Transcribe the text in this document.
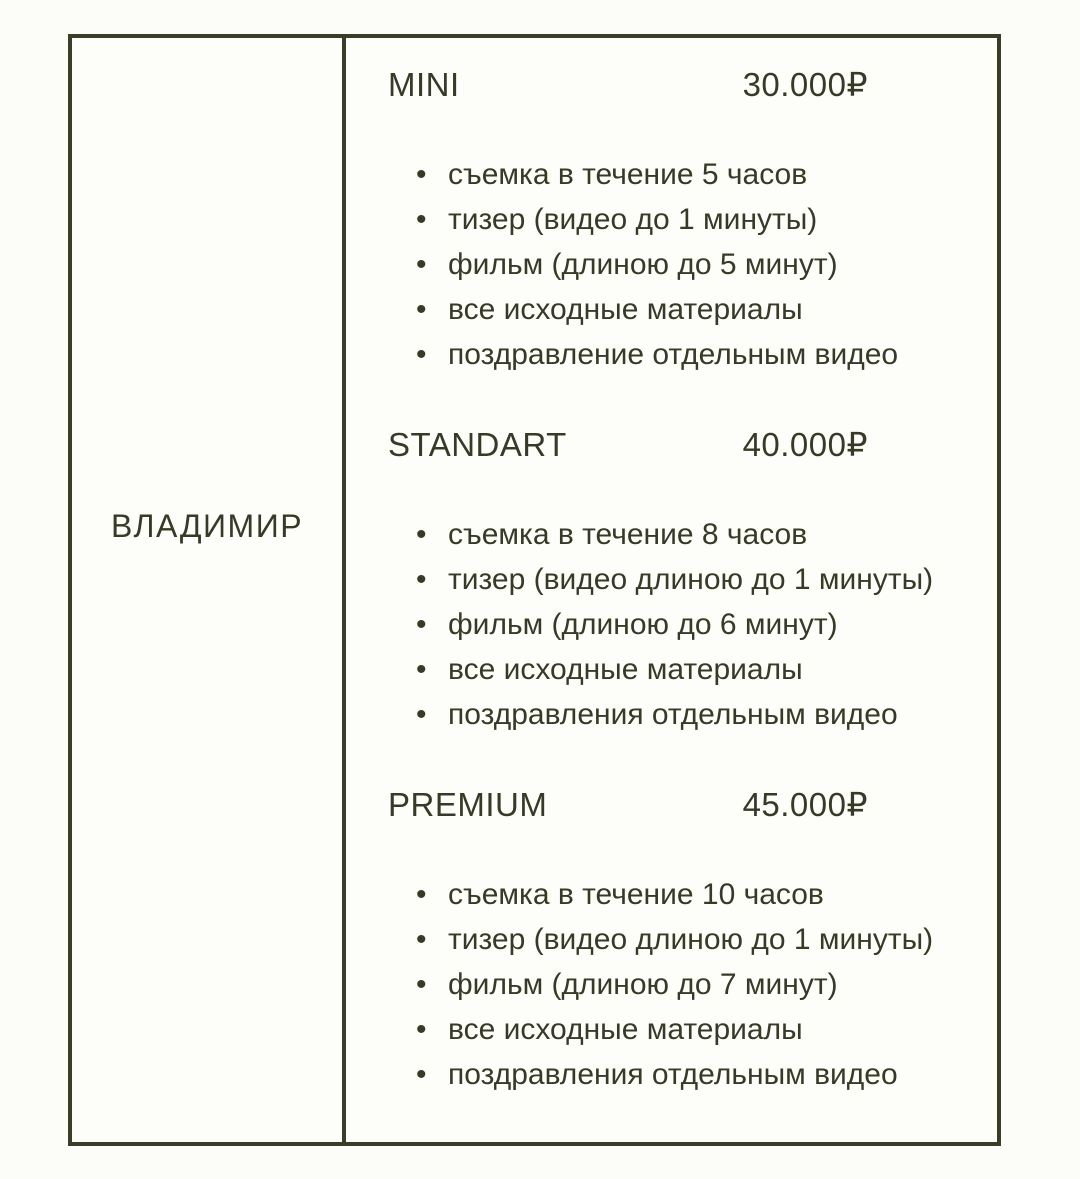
ВЛАДИМИР
MINI	30.000₽
• съемка в течение 5 часов
• тизер (видео до 1 минуты)
• фильм (длиною до 5 минут)
• все исходные материалы
• поздравление отдельным видео
STANDART	40.000₽
• съемка в течение 8 часов
• тизер (видео длиною до 1 минуты)
• фильм (длиною до 6 минут)
• все исходные материалы
• поздравления отдельным видео
PREMIUM	45.000₽
• съемка в течение 10 часов
• тизер (видео длиною до 1 минуты)
• фильм (длиною до 7 минут)
• все исходные материалы
• поздравления отдельным видео
